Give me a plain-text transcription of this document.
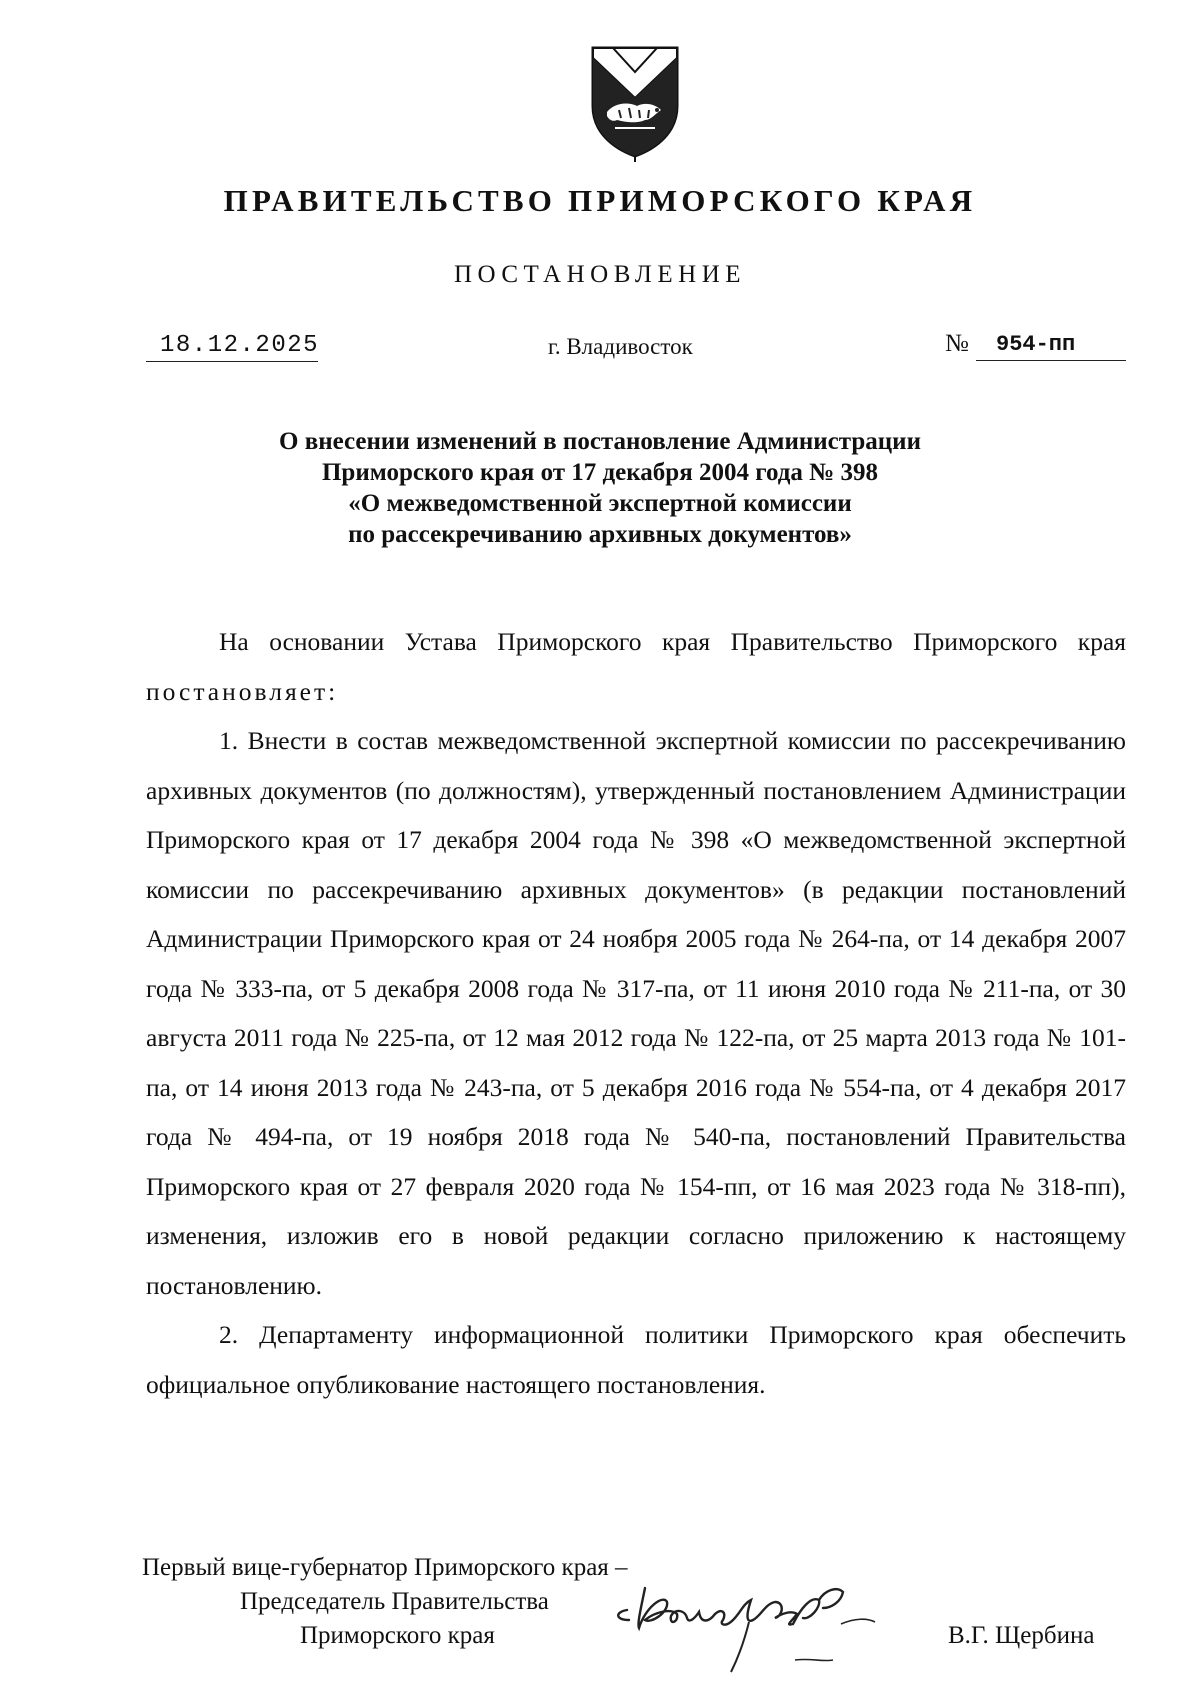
ПРАВИТЕЛЬСТВО ПРИМОРСКОГО КРАЯ
ПОСТАНОВЛЕНИЕ
18.12.2025	г. Владивосток	№	954-пп
О внесении изменений в постановление Администрации
Приморского края от 17 декабря 2004 года № 398
«О межведомственной экспертной комиссии
по рассекречиванию архивных документов»

На основании Устава Приморского края Правительство Приморского края постановляет:

1. Внести в состав межведомственной экспертной комиссии по рассекречиванию архивных документов (по должностям), утвержденный постановлением Администрации Приморского края от 17 декабря 2004 года № 398 «О межведомственной экспертной комиссии по рассекречиванию архивных документов» (в редакции постановлений Администрации Приморского края от 24 ноября 2005 года № 264-па, от 14 декабря 2007 года № 333-па, от 5 декабря 2008 года № 317-па, от 11 июня 2010 года № 211-па, от 30 августа 2011 года № 225-па, от 12 мая 2012 года № 122-па, от 25 марта 2013 года № 101-па, от 14 июня 2013 года № 243-па, от 5 декабря 2016 года № 554-па, от 4 декабря 2017 года № 494-па, от 19 ноября 2018 года № 540-па, постановлений Правительства Приморского края от 27 февраля 2020 года № 154-пп, от 16 мая 2023 года № 318-пп), изменения, изложив его в новой редакции согласно приложению к настоящему постановлению.

2. Департаменту информационной политики Приморского края обеспечить официальное опубликование настоящего постановления.

Первый вице-губернатор Приморского края –
Председатель Правительства
Приморского края	В.Г. Щербина
